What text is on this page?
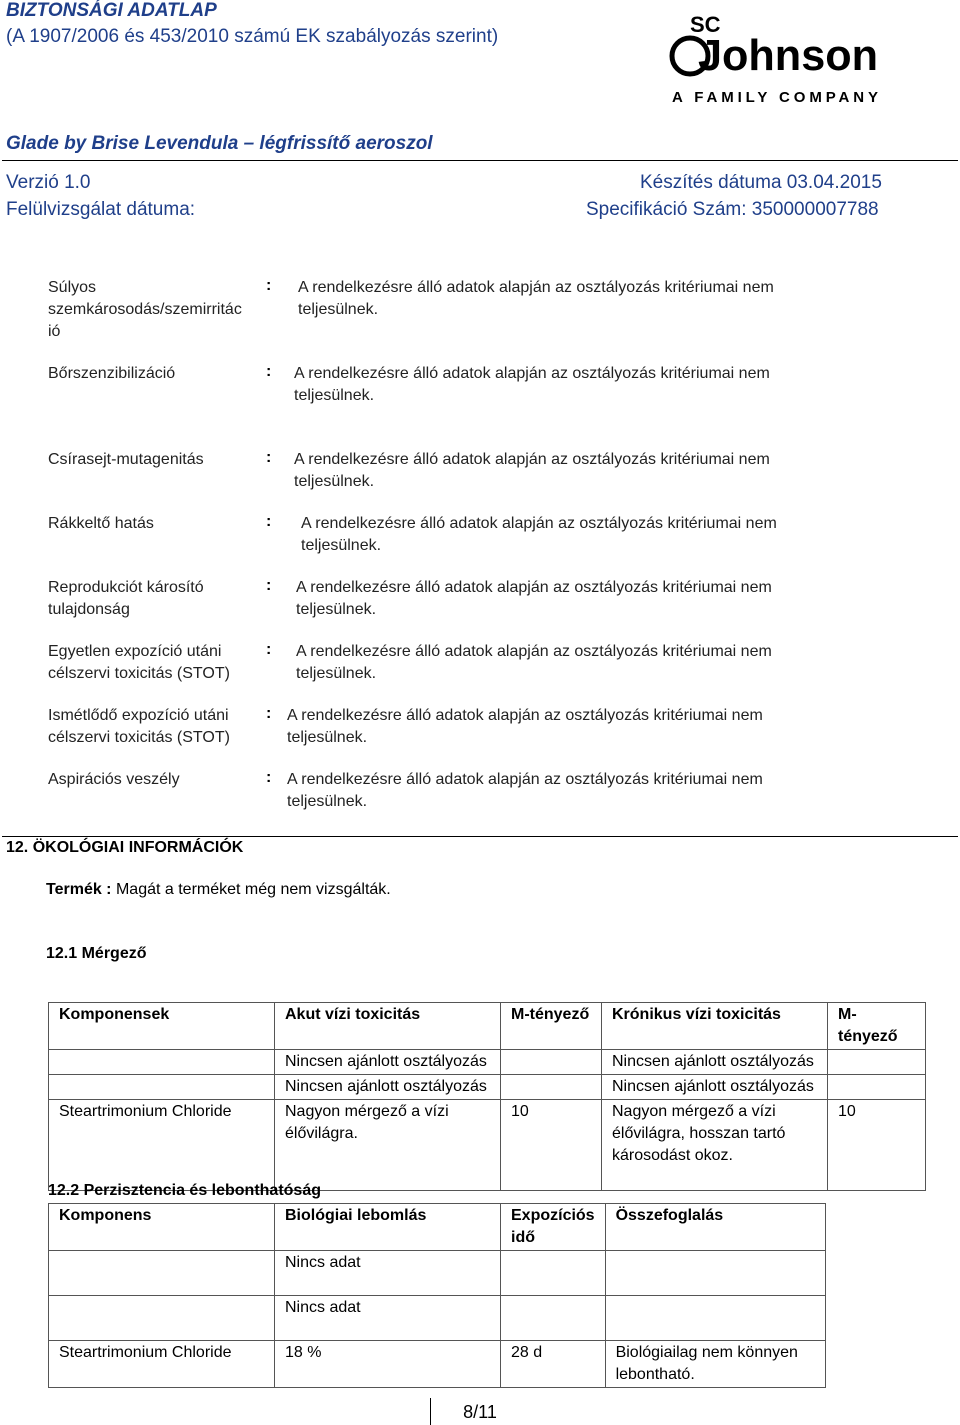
BIZTONSÁGI ADATLAP
(A 1907/2006 és 453/2010 számú EK szabályozás szerint)	SC
Johnson
A FAMILY COMPANY
Glade by Brise Levendula – légfrissítő aeroszol
Verzió 1.0	Készítés dátuma 03.04.2015
Felülvizsgálat dátuma:	Specifikáció Szám: 350000007788
Súlyos szemkárosodás/szemirritác ió
: A rendelkezésre álló adatok alapján az osztályozás kritériumai nem teljesülnek.
Bőrszenzibilizáció	: A rendelkezésre álló adatok alapján az osztályozás kritériumai nem teljesülnek.
Csírasejt-mutagenitás	: A rendelkezésre álló adatok alapján az osztályozás kritériumai nem teljesülnek.
Rákkeltő hatás	: A rendelkezésre álló adatok alapján az osztályozás kritériumai nem teljesülnek.
Reprodukciót károsító tulajdonság
: A rendelkezésre álló adatok alapján az osztályozás kritériumai nem teljesülnek.
Egyetlen expozíció utáni célszervi toxicitás (STOT)
: A rendelkezésre álló adatok alapján az osztályozás kritériumai nem teljesülnek.
Ismétlődő expozíció utáni célszervi toxicitás (STOT)
: A rendelkezésre álló adatok alapján az osztályozás kritériumai nem teljesülnek.
Aspirációs veszély	: A rendelkezésre álló adatok alapján az osztályozás kritériumai nem teljesülnek.
12. ÖKOLÓGIAI INFORMÁCIÓK
Termék : Magát a terméket még nem vizsgálták.
12.1 Mérgező
Komponensek	Akut vízi toxicitás	M-tényező	Krónikus vízi toxicitás	M-tényező
	Nincsen ajánlott osztályozás		Nincsen ajánlott osztályozás	
	Nincsen ajánlott osztályozás		Nincsen ajánlott osztályozás	
Steartrimonium Chloride	Nagyon mérgező a vízi élővilágra.	10	Nagyon mérgező a vízi élővilágra, hosszan tartó károsodást okoz.	10
12.2 Perzisztencia és lebonthatóság
Komponens	Biológiai lebomlás	Expozíciós idő	Összefoglalás
	Nincs adat		
	Nincs adat		
Steartrimonium Chloride	18 %	28 d	Biológiailag nem könnyen lebontható.
8/11
